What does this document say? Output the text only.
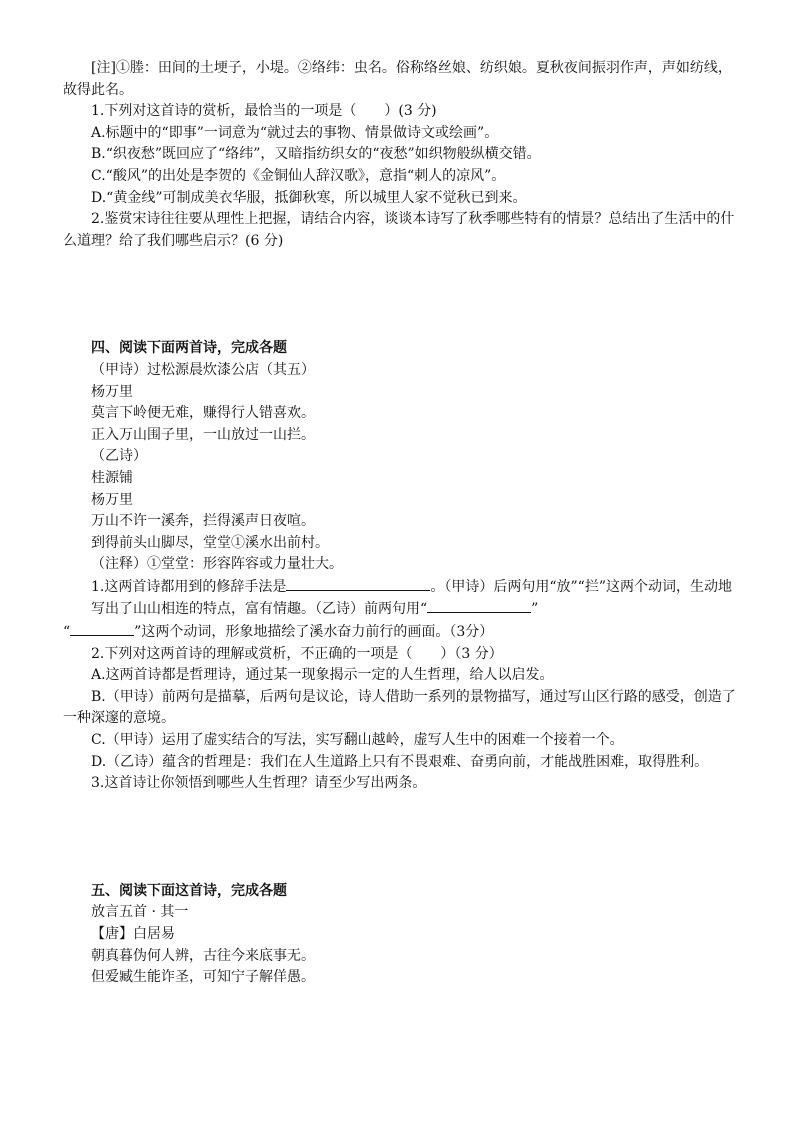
[注]①塍：田间的土埂子，小堤。②络纬：虫名。俗称络丝娘、纺织娘。夏秋夜间振羽作声，声如纺线，故得此名。

1.下列对这首诗的赏析，最恰当的一项是（　　）(3 分)

A.标题中的“即事”一词意为“就过去的事物、情景做诗文或绘画”。

B.“织夜愁”既回应了“络纬”，又暗指纺织女的“夜愁”如织物般纵横交错。

C.“酸风”的出处是李贺的《金铜仙人辞汉歌》，意指“刺人的凉风”。

D.“黄金线”可制成美衣华服，抵御秋寒，所以城里人家不觉秋已到来。

2.鉴赏宋诗往往要从理性上把握，请结合内容，谈谈本诗写了秋季哪些特有的情景？总结出了生活中的什么道理？给了我们哪些启示？(6 分)

四、阅读下面两首诗，完成各题

（甲诗）过松源晨炊漆公店（其五）

杨万里

莫言下岭便无难，赚得行人错喜欢。

正入万山围子里，一山放过一山拦。

（乙诗）

桂源铺

杨万里

万山不许一溪奔，拦得溪声日夜喧。

到得前头山脚尽，堂堂①溪水出前村。

（注释）①堂堂：形容阵容或力量壮大。

1.这两首诗都用到的修辞手法是	。（甲诗）后两句用“放”“拦”这两个动词，生动地写出了山山相连的特点，富有情趣。（乙诗）前两句用“	”
“	”这两个动词，形象地描绘了溪水奋力前行的画面。（3分）

2.下列对这两首诗的理解或赏析，不正确的一项是（　　）（3 分）

A.这两首诗都是哲理诗，通过某一现象揭示一定的人生哲理，给人以启发。

B.（甲诗）前两句是描摹，后两句是议论，诗人借助一系列的景物描写，通过写山区行路的感受，创造了一种深邃的意境。

C.（甲诗）运用了虚实结合的写法，实写翻山越岭，虚写人生中的困难一个接着一个。

D.（乙诗）蕴含的哲理是：我们在人生道路上只有不畏艰难、奋勇向前，才能战胜困难，取得胜利。

3.这首诗让你领悟到哪些人生哲理？请至少写出两条。

五、阅读下面这首诗，完成各题

放言五首 · 其一

【唐】白居易

朝真暮伪何人辨，古往今来底事无。

但爱臧生能诈圣，可知宁子解佯愚。
